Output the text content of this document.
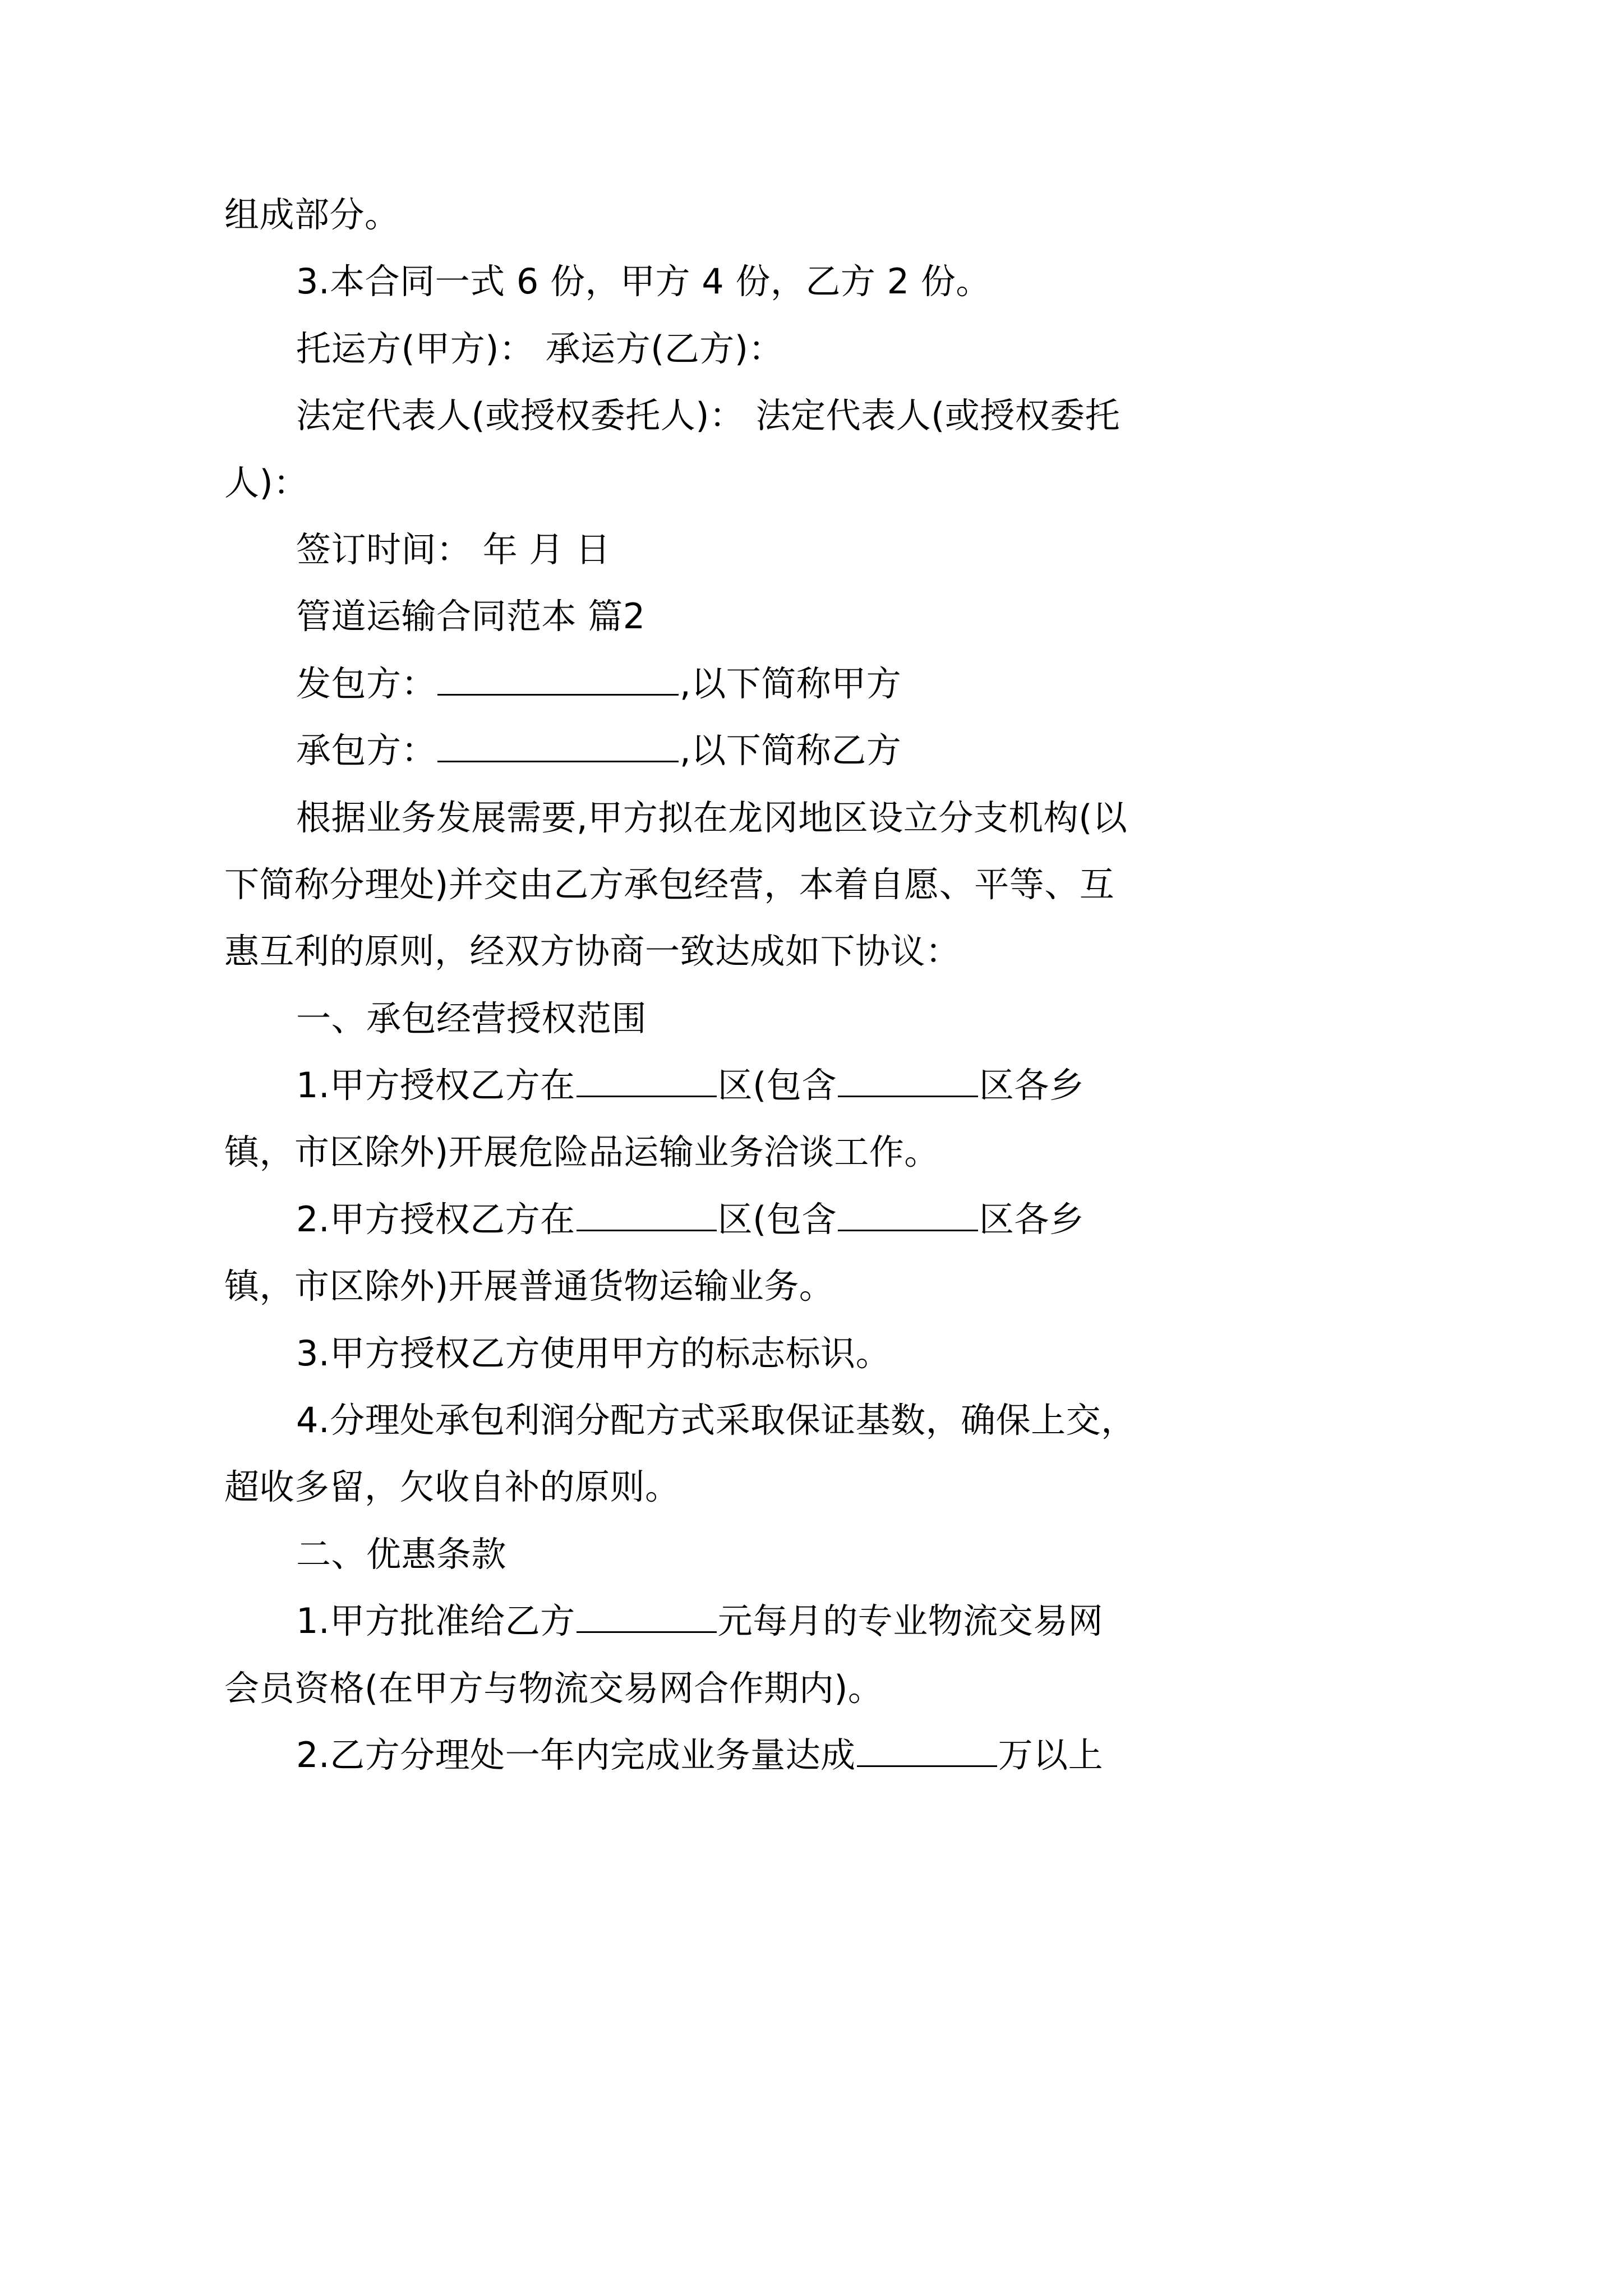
组成部分。

3.本合同一式 6 份，甲方 4 份，乙方 2 份。

托运方(甲方)： 承运方(乙方)：

法定代表人(或授权委托人)： 法定代表人(或授权委托

人)：

签订时间： 年 月 日

管道运输合同范本 篇2

发包方：	,以下简称甲方

承包方：	,以下简称乙方

根据业务发展需要,甲方拟在龙冈地区设立分支机构(以

下简称分理处)并交由乙方承包经营，本着自愿、平等、互

惠互利的原则，经双方协商一致达成如下协议：

一、承包经营授权范围

1.甲方授权乙方在	区(包含	区各乡

镇，市区除外)开展危险品运输业务洽谈工作。

2.甲方授权乙方在	区(包含	区各乡

镇，市区除外)开展普通货物运输业务。

3.甲方授权乙方使用甲方的标志标识。

4.分理处承包利润分配方式采取保证基数，确保上交，

超收多留，欠收自补的原则。

二、优惠条款

1.甲方批准给乙方	元每月的专业物流交易网

会员资格(在甲方与物流交易网合作期内)。

2.乙方分理处一年内完成业务量达成	万以上
